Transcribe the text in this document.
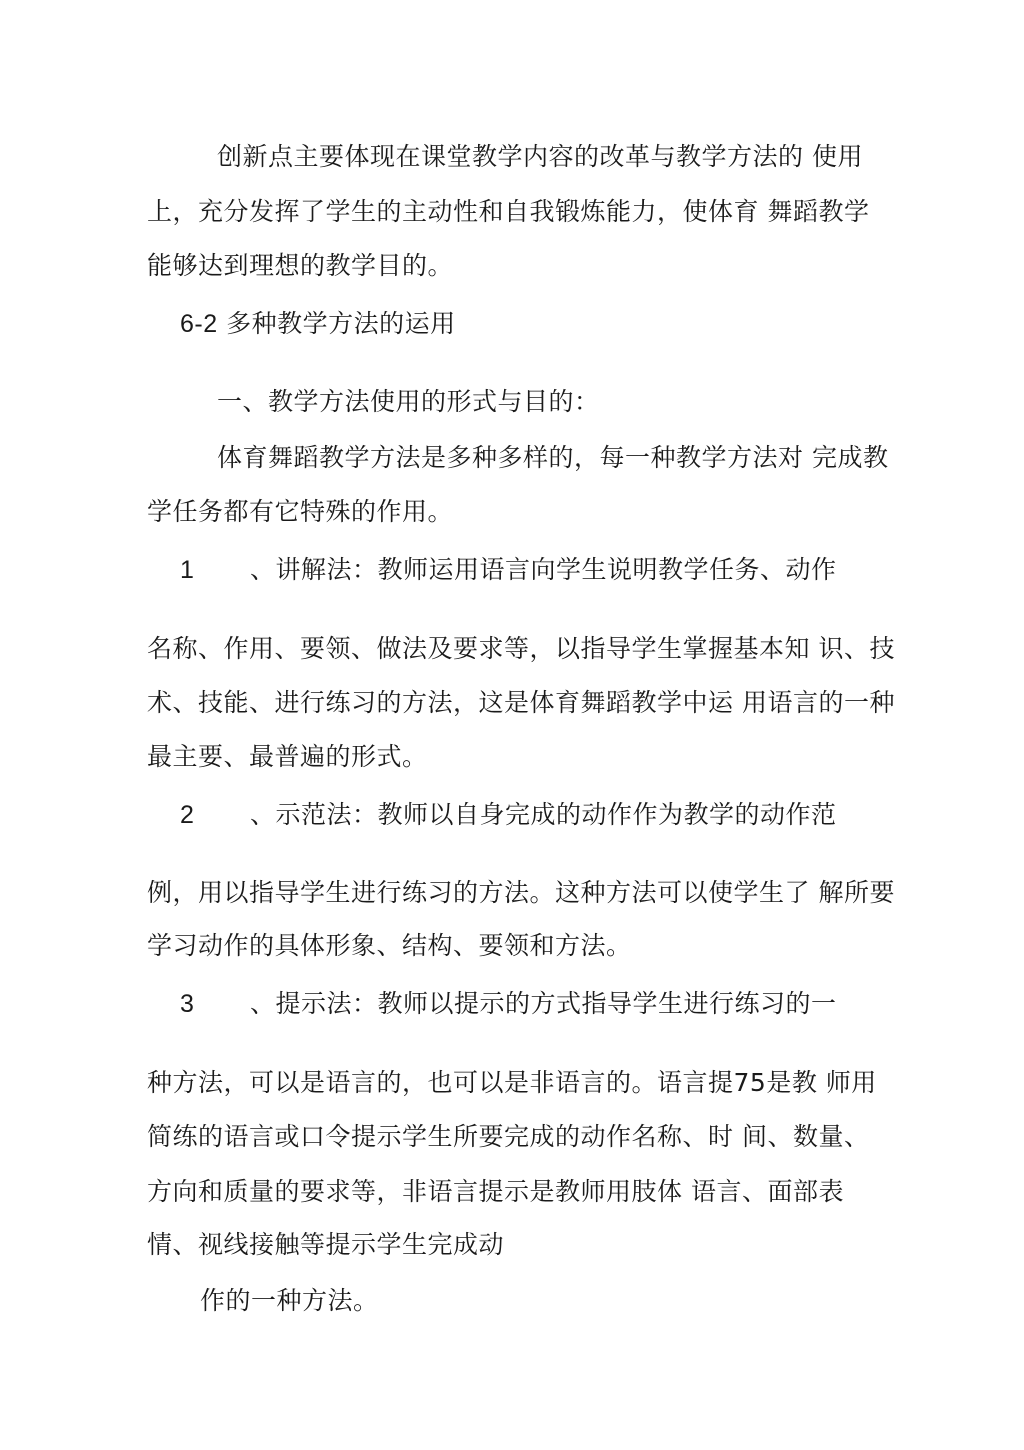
创新点主要体现在课堂教学内容的改革与教学方法的 使用
上，充分发挥了学生的主动性和自我锻炼能力，使体育 舞蹈教学
能够达到理想的教学目的。
6-2 多种教学方法的运用
一、教学方法使用的形式与目的：
体育舞蹈教学方法是多种多样的，每一种教学方法对 完成教
学任务都有它特殊的作用。
1 、讲解法：教师运用语言向学生说明教学任务、动作
名称、作用、要领、做法及要求等，以指导学生掌握基本知 识、技
术、技能、进行练习的方法，这是体育舞蹈教学中运 用语言的一种
最主要、最普遍的形式。
2 、示范法：教师以自身完成的动作作为教学的动作范
例，用以指导学生进行练习的方法。这种方法可以使学生了 解所要
学习动作的具体形象、结构、要领和方法。
3 、提示法：教师以提示的方式指导学生进行练习的一
种方法，可以是语言的，也可以是非语言的。语言提75是教 师用
简练的语言或口令提示学生所要完成的动作名称、时 间、数量、
方向和质量的要求等，非语言提示是教师用肢体 语言、面部表
情、视线接触等提示学生完成动
作的一种方法。
